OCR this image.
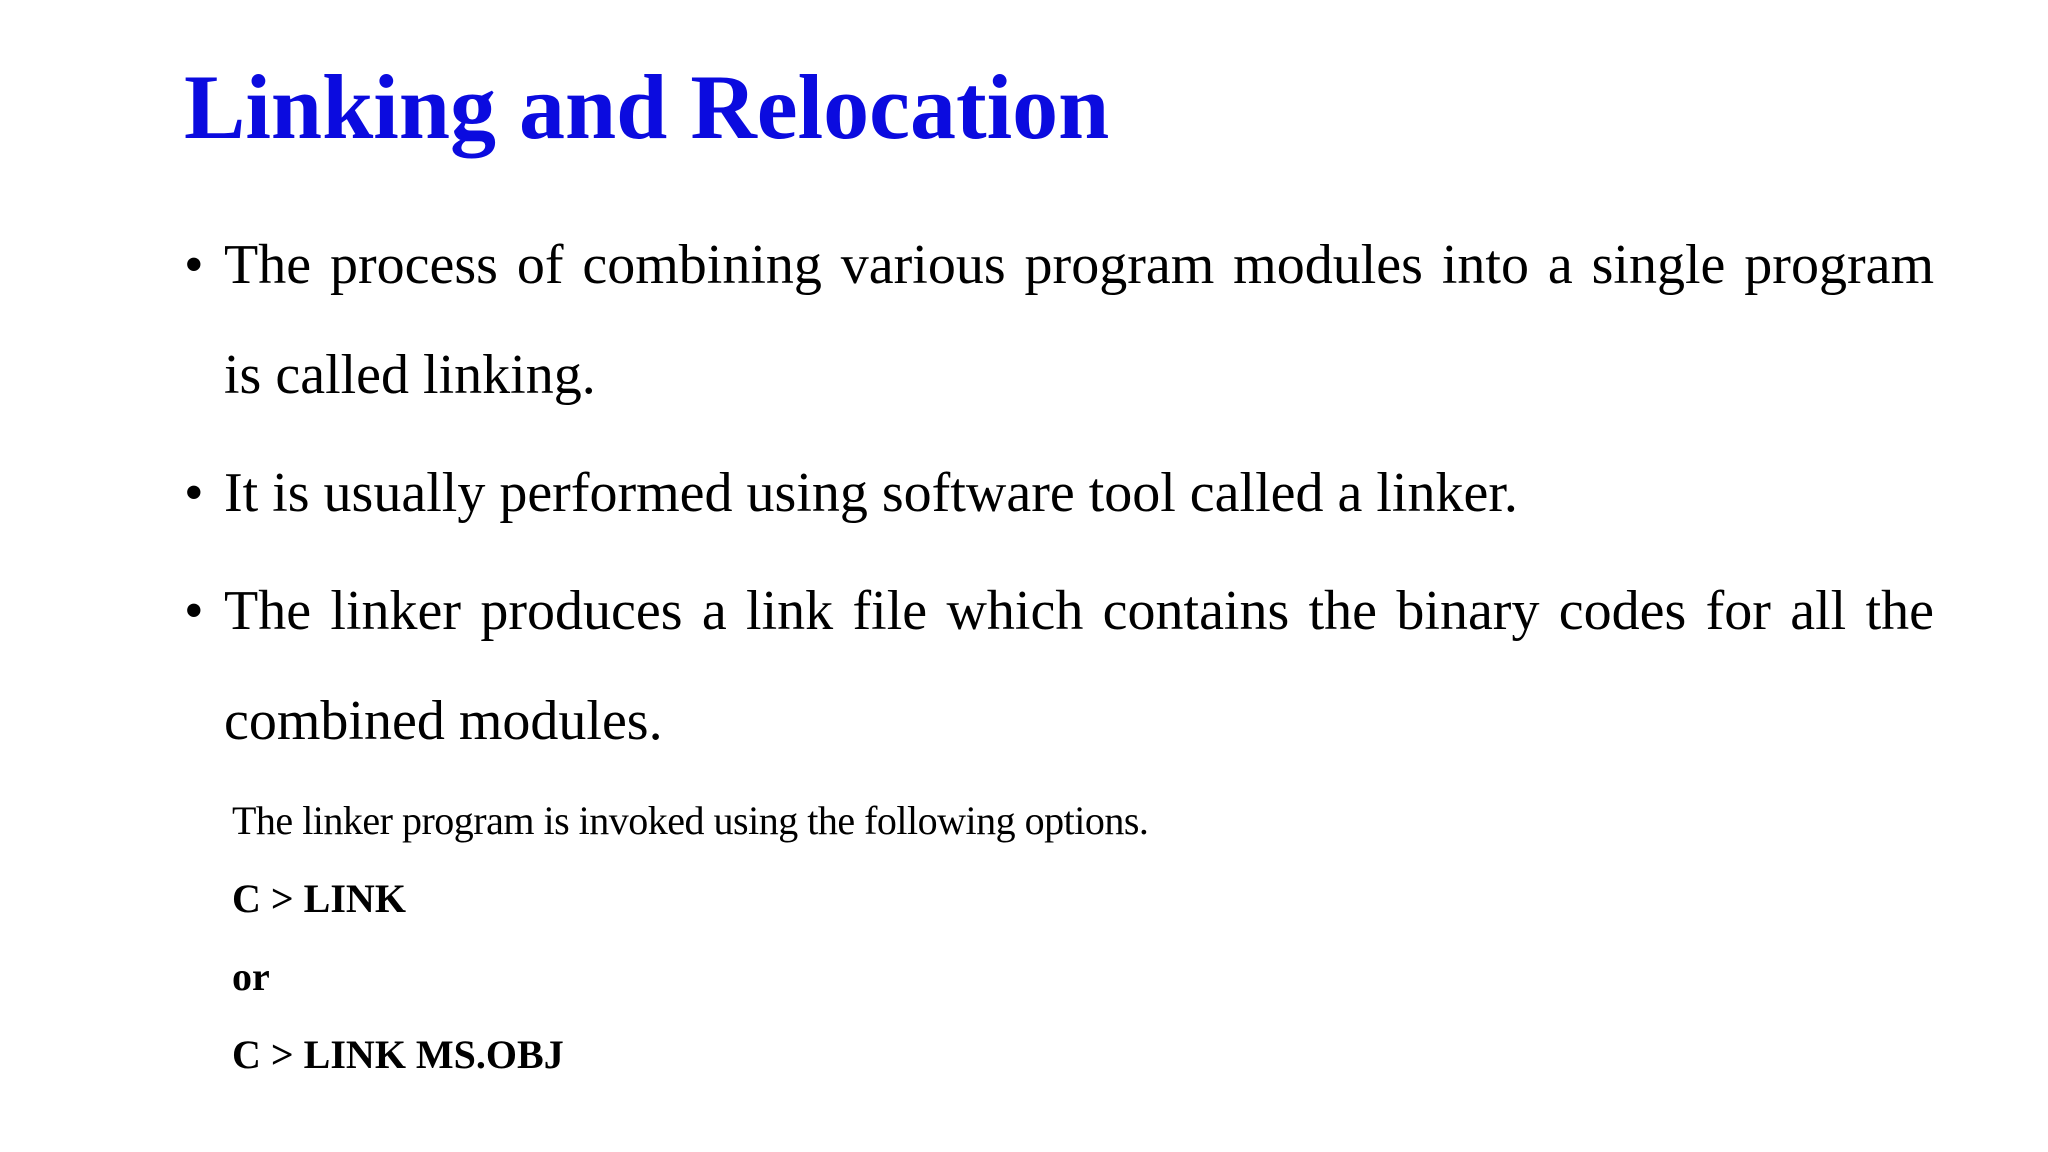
Linking and Relocation
• The process of combining various program modules into a single program is called linking.
• It is usually performed using software tool called a linker.
• The linker produces a link file which contains the binary codes for all the combined modules.
The linker program is invoked using the following options.
C > LINK
or
C > LINK MS.OBJ
